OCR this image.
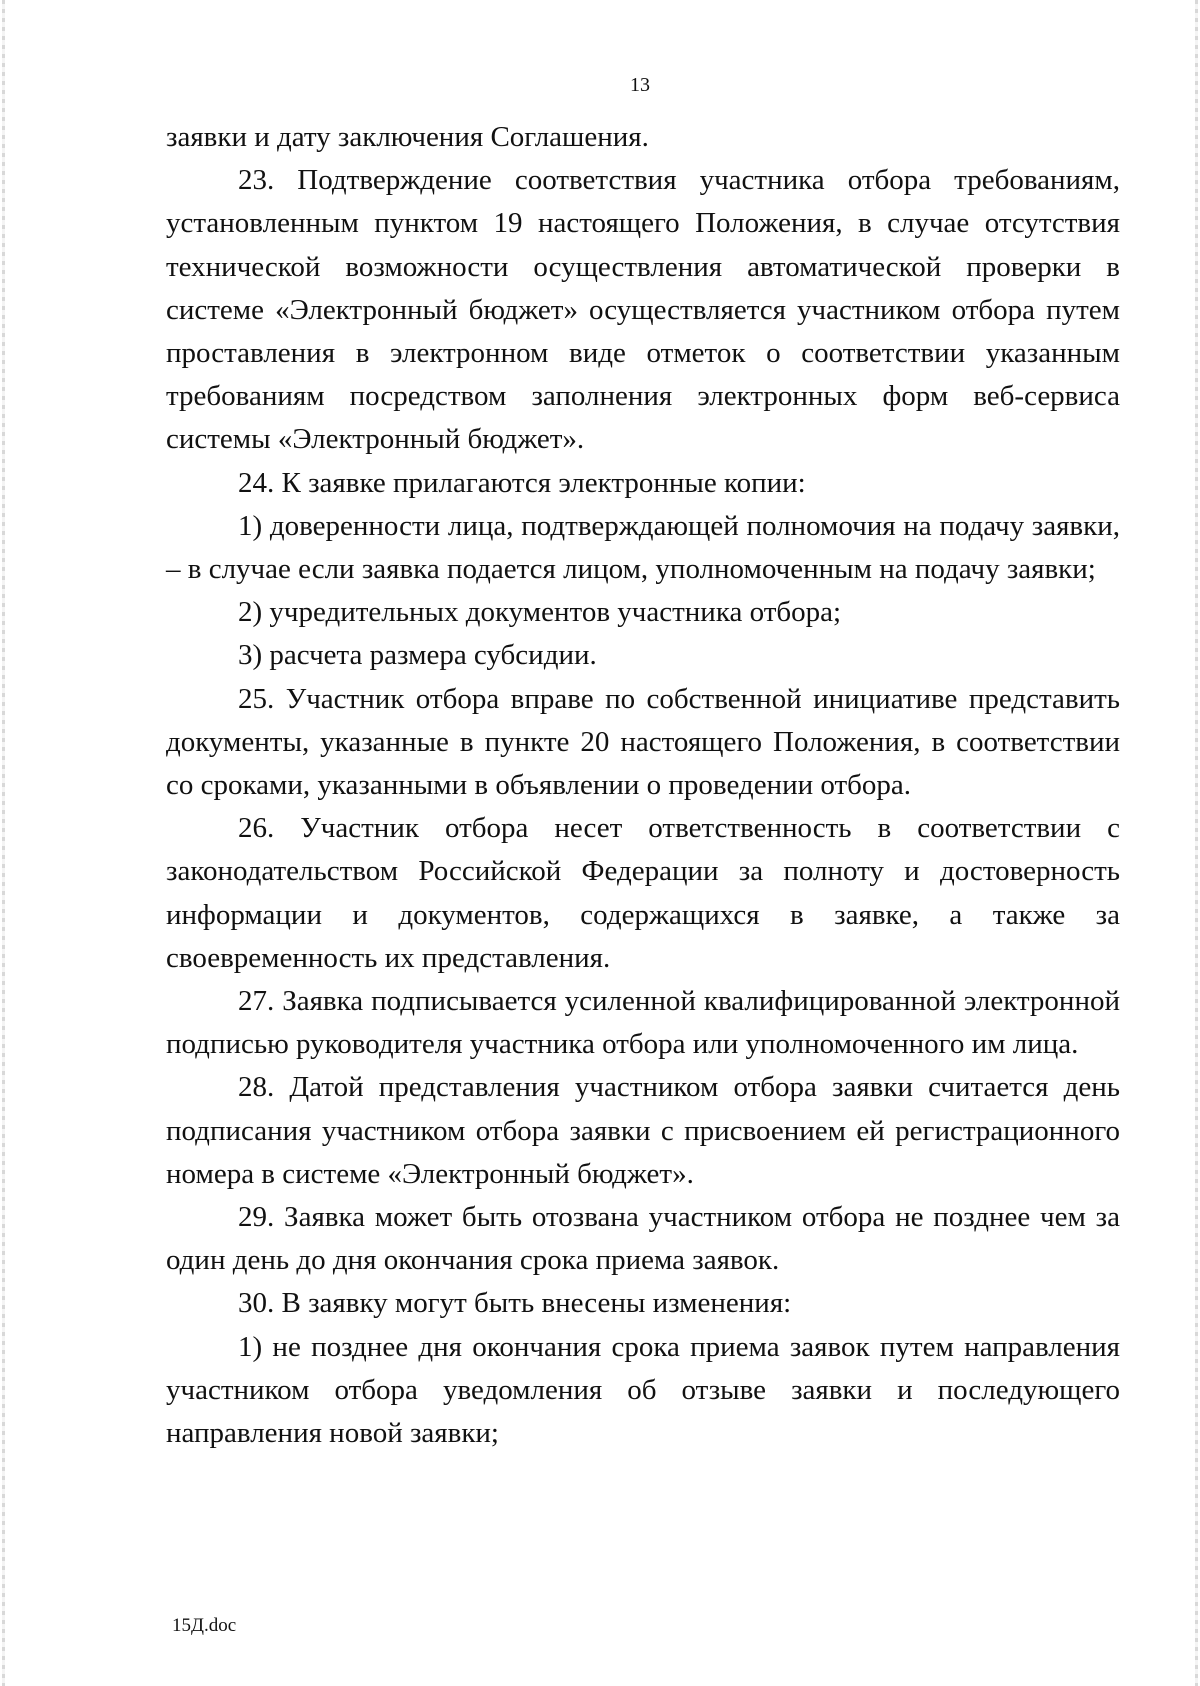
13

заявки и дату заключения Соглашения.

23. Подтверждение соответствия участника отбора требованиям, установленным пунктом 19 настоящего Положения, в случае отсутствия технической возможности осуществления автоматической проверки в системе «Электронный бюджет» осуществляется участником отбора путем проставления в электронном виде отметок о соответствии указанным требованиям посредством заполнения электронных форм веб-сервиса системы «Электронный бюджет».

24. К заявке прилагаются электронные копии:

1) доверенности лица, подтверждающей полномочия на подачу заявки, – в случае если заявка подается лицом, уполномоченным на подачу заявки;

2) учредительных документов участника отбора;

3) расчета размера субсидии.

25. Участник отбора вправе по собственной инициативе представить документы, указанные в пункте 20 настоящего Положения, в соответствии со сроками, указанными в объявлении о проведении отбора.

26. Участник отбора несет ответственность в соответствии с законодательством Российской Федерации за полноту и достоверность информации и документов, содержащихся в заявке, а также за своевременность их представления.

27. Заявка подписывается усиленной квалифицированной электронной подписью руководителя участника отбора или уполномоченного им лица.

28. Датой представления участником отбора заявки считается день подписания участником отбора заявки с присвоением ей регистрационного номера в системе «Электронный бюджет».

29. Заявка может быть отозвана участником отбора не позднее чем за один день до дня окончания срока приема заявок.

30. В заявку могут быть внесены изменения:

1) не позднее дня окончания срока приема заявок путем направления участником отбора уведомления об отзыве заявки и последующего направления новой заявки;

15Д.doc
